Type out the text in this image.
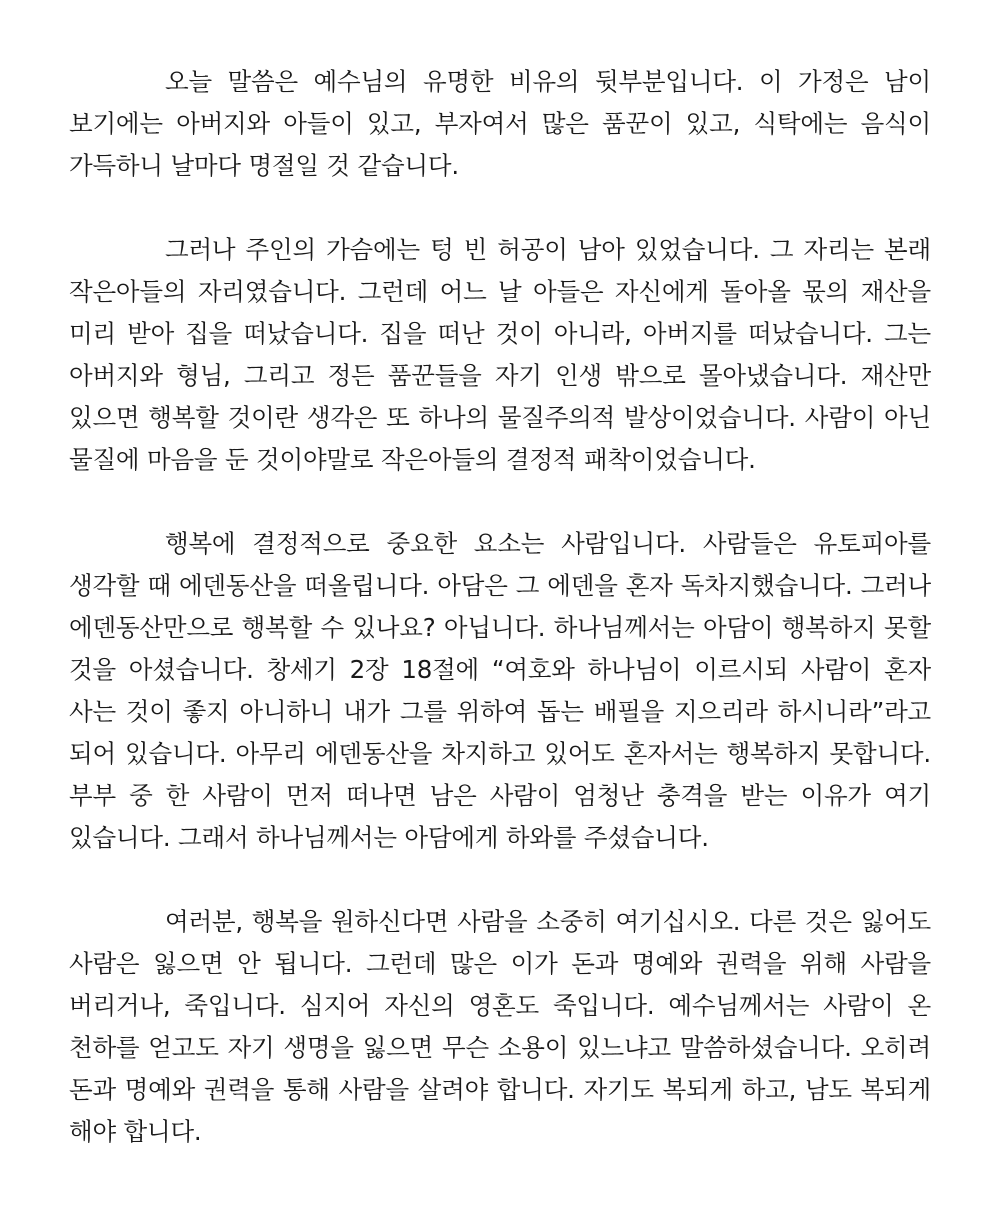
오늘 말씀은 예수님의 유명한 비유의 뒷부분입니다. 이 가정은 남이 보기에는 아버지와 아들이 있고, 부자여서 많은 품꾼이 있고, 식탁에는 음식이 가득하니 날마다 명절일 것 같습니다.

그러나 주인의 가슴에는 텅 빈 허공이 남아 있었습니다. 그 자리는 본래 작은아들의 자리였습니다. 그런데 어느 날 아들은 자신에게 돌아올 몫의 재산을 미리 받아 집을 떠났습니다. 집을 떠난 것이 아니라, 아버지를 떠났습니다. 그는 아버지와 형님, 그리고 정든 품꾼들을 자기 인생 밖으로 몰아냈습니다. 재산만 있으면 행복할 것이란 생각은 또 하나의 물질주의적 발상이었습니다. 사람이 아닌 물질에 마음을 둔 것이야말로 작은아들의 결정적 패착이었습니다.

행복에 결정적으로 중요한 요소는 사람입니다. 사람들은 유토피아를 생각할 때 에덴동산을 떠올립니다. 아담은 그 에덴을 혼자 독차지했습니다. 그러나 에덴동산만으로 행복할 수 있나요? 아닙니다. 하나님께서는 아담이 행복하지 못할 것을 아셨습니다. 창세기 2장 18절에 “여호와 하나님이 이르시되 사람이 혼자 사는 것이 좋지 아니하니 내가 그를 위하여 돕는 배필을 지으리라 하시니라”라고 되어 있습니다. 아무리 에덴동산을 차지하고 있어도 혼자서는 행복하지 못합니다. 부부 중 한 사람이 먼저 떠나면 남은 사람이 엄청난 충격을 받는 이유가 여기 있습니다. 그래서 하나님께서는 아담에게 하와를 주셨습니다.

여러분, 행복을 원하신다면 사람을 소중히 여기십시오. 다른 것은 잃어도 사람은 잃으면 안 됩니다. 그런데 많은 이가 돈과 명예와 권력을 위해 사람을 버리거나, 죽입니다. 심지어 자신의 영혼도 죽입니다. 예수님께서는 사람이 온 천하를 얻고도 자기 생명을 잃으면 무슨 소용이 있느냐고 말씀하셨습니다. 오히려 돈과 명예와 권력을 통해 사람을 살려야 합니다. 자기도 복되게 하고, 남도 복되게 해야 합니다.
